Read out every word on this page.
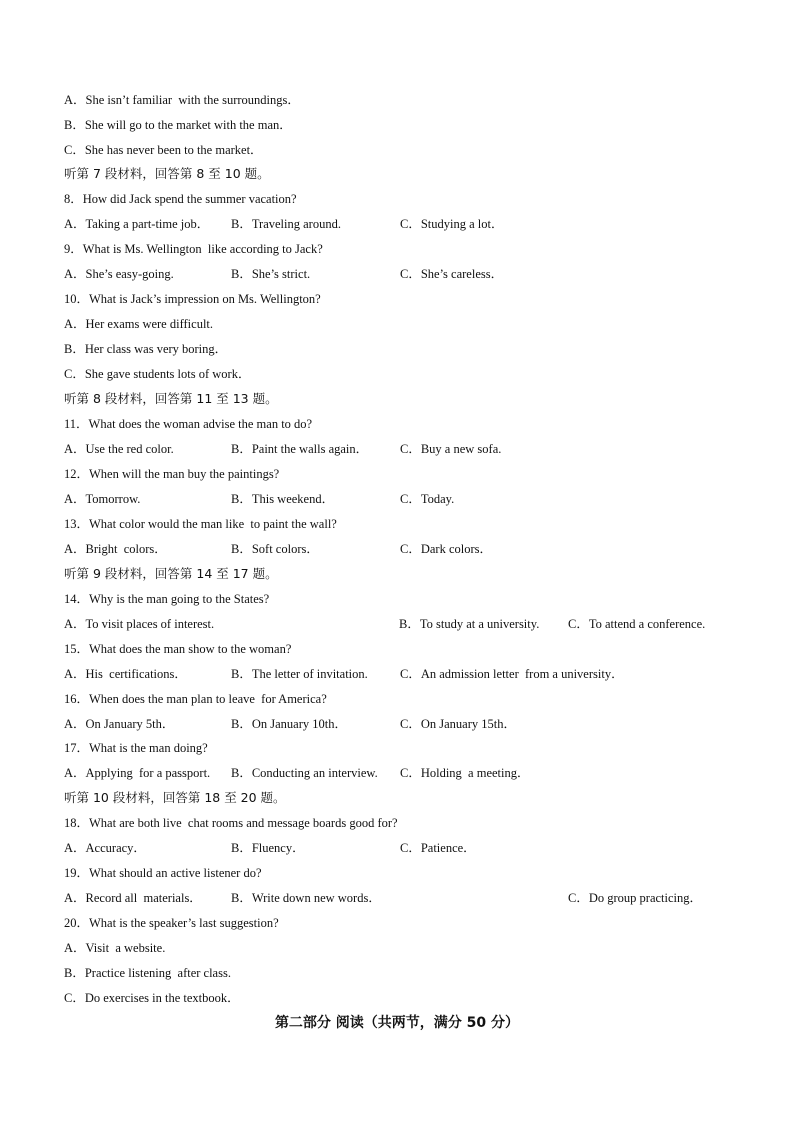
A．She isn’t familiar  with the surroundings．
B．She will go to the market with the man．
C．She has never been to the market．
听第 7 段材料，回答第 8 至 10 题。
8．How did Jack spend the summer vacation?
A．Taking a part-time job． B．Traveling around.	C．Studying a lot．
9．What is Ms. Wellington  like according to Jack?
A．She’s easy-going.	B．She’s strict.	C．She’s careless．
10．What is Jack’s impression on Ms. Wellington?
A．Her exams were difficult.
B．Her class was very boring．
C．She gave students lots of work．
听第 8 段材料，回答第 11 至 13 题。
11．What does the woman advise the man to do?
A．Use the red color.	B．Paint the walls again．	C．Buy a new sofa.
12．When will the man buy the paintings?
A．Tomorrow.	B．This weekend．	C．Today.
13．What color would the man like  to paint the wall?
A．Bright  colors．	B．Soft colors．	C．Dark colors．
听第 9 段材料，回答第 14 至 17 题。
14．Why is the man going to the States?
A．To visit places of interest.	B．To study at a university. C．To attend a conference.
15．What does the man show to the woman?
A．His  certifications．	B．The letter of invitation.	C．An admission letter  from a university．
16．When does the man plan to leave  for America?
A．On January 5th．	B．On January 10th．	C．On January 15th．
17．What is the man doing?
A．Applying  for a passport. B．Conducting an interview. C．Holding  a meeting．
听第 10 段材料，回答第 18 至 20 题。
18．What are both live  chat rooms and message boards good for?
A．Accuracy．	B．Fluency．	C．Patience．
19．What should an active listener do?
A．Record all  materials． B．Write down new words．	C．Do group practicing．
20．What is the speaker’s last suggestion?
A．Visit  a website.
B．Practice listening  after class.
C．Do exercises in the textbook．
第二部分 阅读（共两节，满分 50 分）
